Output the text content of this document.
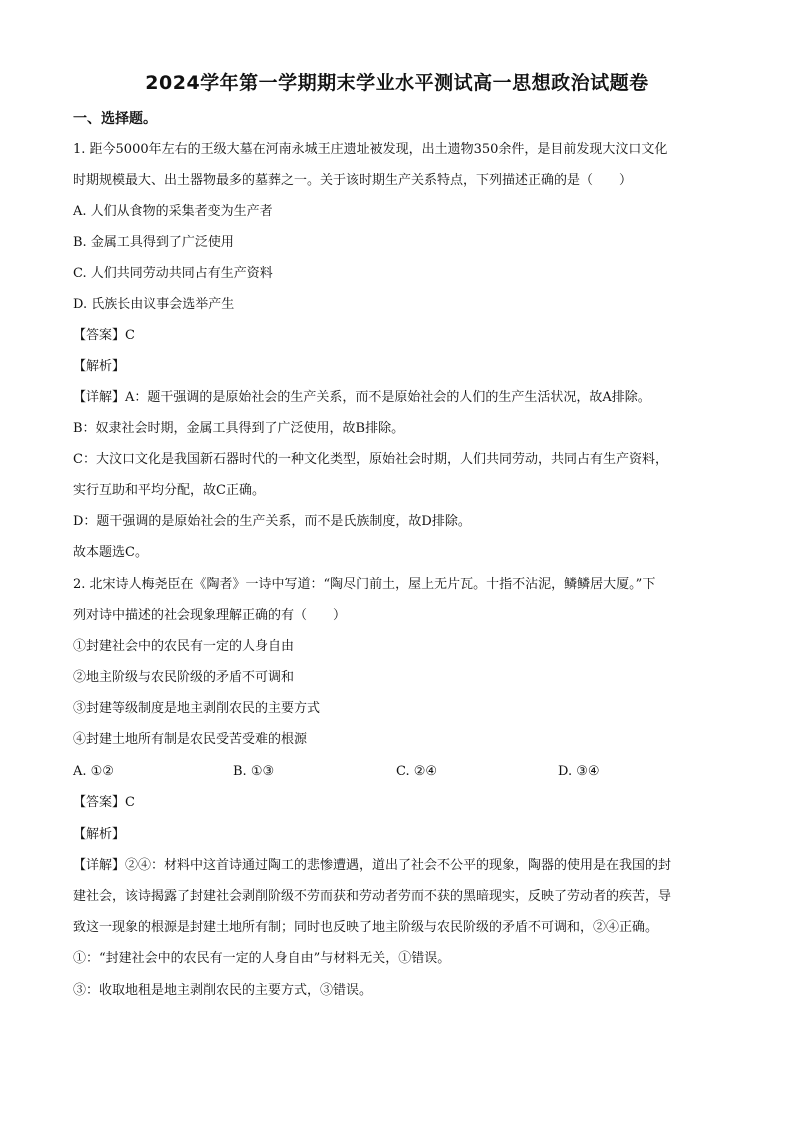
2024学年第一学期期末学业水平测试高一思想政治试题卷
一、选择题。
1. 距今5000年左右的王级大墓在河南永城王庄遗址被发现，出土遗物350余件，是目前发现大汶口文化
时期规模最大、出土器物最多的墓葬之一。关于该时期生产关系特点，下列描述正确的是（　　）
A. 人们从食物的采集者变为生产者
B. 金属工具得到了广泛使用
C. 人们共同劳动共同占有生产资料
D. 氏族长由议事会选举产生
【答案】C
【解析】
【详解】A：题干强调的是原始社会的生产关系，而不是原始社会的人们的生产生活状况，故A排除。
B：奴隶社会时期，金属工具得到了广泛使用，故B排除。
C：大汶口文化是我国新石器时代的一种文化类型，原始社会时期，人们共同劳动，共同占有生产资料，
实行互助和平均分配，故C正确。
D：题干强调的是原始社会的生产关系，而不是氏族制度，故D排除。
故本题选C。
2. 北宋诗人梅尧臣在《陶者》一诗中写道：“陶尽门前土，屋上无片瓦。十指不沾泥，鳞鳞居大厦。”下
列对诗中描述的社会现象理解正确的有（　　）
①封建社会中的农民有一定的人身自由
②地主阶级与农民阶级的矛盾不可调和
③封建等级制度是地主剥削农民的主要方式
④封建土地所有制是农民受苦受难的根源
A. ①②	B. ①③	C. ②④	D. ③④
【答案】C
【解析】
【详解】②④：材料中这首诗通过陶工的悲惨遭遇，道出了社会不公平的现象，陶器的使用是在我国的封
建社会，该诗揭露了封建社会剥削阶级不劳而获和劳动者劳而不获的黑暗现实，反映了劳动者的疾苦，导
致这一现象的根源是封建土地所有制；同时也反映了地主阶级与农民阶级的矛盾不可调和，②④正确。
①：“封建社会中的农民有一定的人身自由”与材料无关，①错误。
③：收取地租是地主剥削农民的主要方式，③错误。
